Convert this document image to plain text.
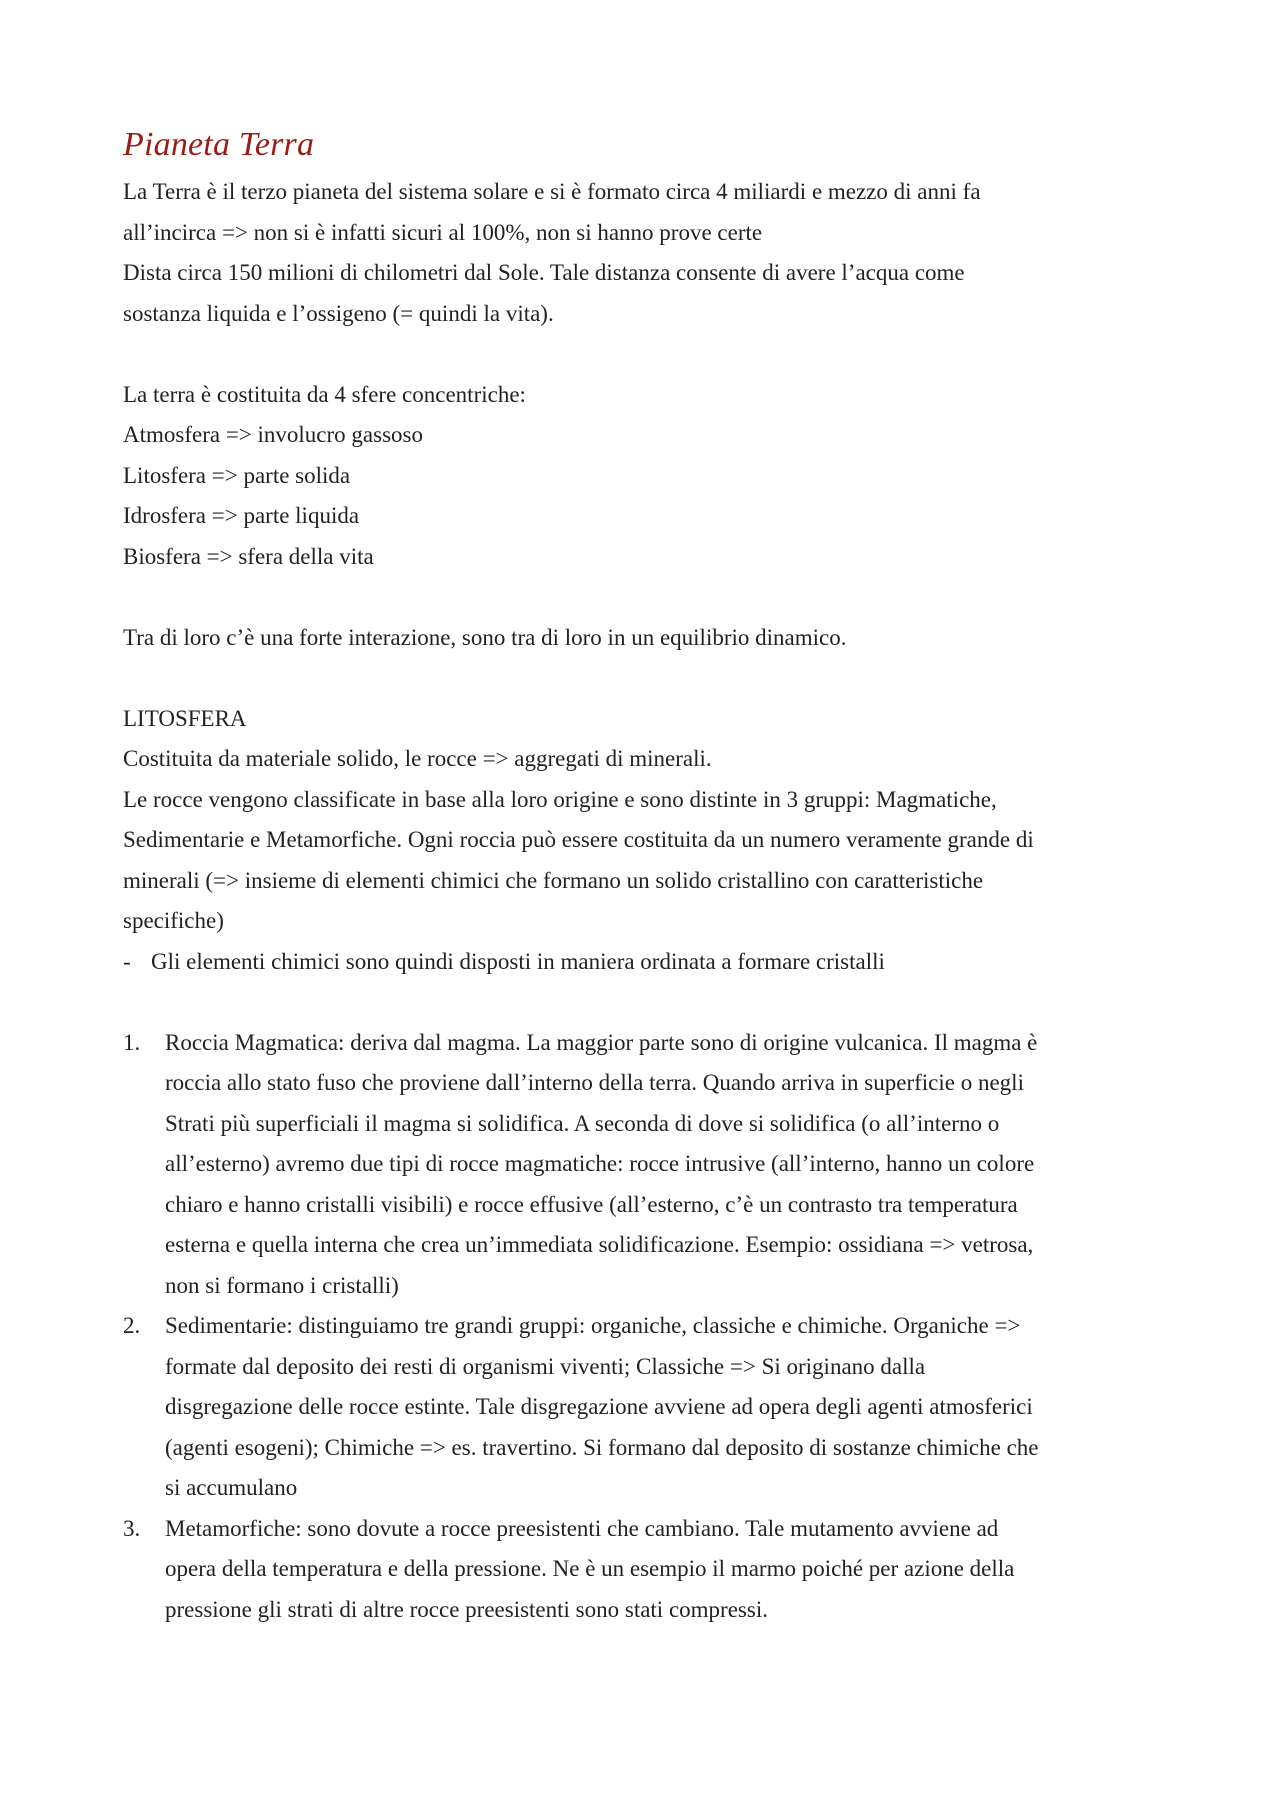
Pianeta Terra
La Terra è il terzo pianeta del sistema solare e si è formato circa 4 miliardi e mezzo di anni fa
all’incirca => non si è infatti sicuri al 100%, non si hanno prove certe
Dista circa 150 milioni di chilometri dal Sole. Tale distanza consente di avere l’acqua come
sostanza liquida e l’ossigeno (= quindi la vita).
La terra è costituita da 4 sfere concentriche:
Atmosfera => involucro gassoso
Litosfera => parte solida
Idrosfera => parte liquida
Biosfera => sfera della vita
Tra di loro c’è una forte interazione, sono tra di loro in un equilibrio dinamico.
LITOSFERA
Costituita da materiale solido, le rocce => aggregati di minerali.
Le rocce vengono classificate in base alla loro origine e sono distinte in 3 gruppi: Magmatiche,
Sedimentarie e Metamorfiche. Ogni roccia può essere costituita da un numero veramente grande di
minerali (=> insieme di elementi chimici che formano un solido cristallino con caratteristiche
specifiche)
- Gli elementi chimici sono quindi disposti in maniera ordinata a formare cristalli
1.	Roccia Magmatica: deriva dal magma. La maggior parte sono di origine vulcanica. Il magma è
roccia allo stato fuso che proviene dall’interno della terra. Quando arriva in superficie o negli
Strati più superficiali il magma si solidifica. A seconda di dove si solidifica (o all’interno o
all’esterno) avremo due tipi di rocce magmatiche: rocce intrusive (all’interno, hanno un colore
chiaro e hanno cristalli visibili) e rocce effusive (all’esterno, c’è un contrasto tra temperatura
esterna e quella interna che crea un’immediata solidificazione. Esempio: ossidiana => vetrosa,
non si formano i cristalli)
2.	Sedimentarie: distinguiamo tre grandi gruppi: organiche, classiche e chimiche. Organiche =>
formate dal deposito dei resti di organismi viventi; Classiche => Si originano dalla
disgregazione delle rocce estinte. Tale disgregazione avviene ad opera degli agenti atmosferici
(agenti esogeni); Chimiche => es. travertino. Si formano dal deposito di sostanze chimiche che
si accumulano
3.	Metamorfiche: sono dovute a rocce preesistenti che cambiano. Tale mutamento avviene ad
opera della temperatura e della pressione. Ne è un esempio il marmo poiché per azione della
pressione gli strati di altre rocce preesistenti sono stati compressi.
